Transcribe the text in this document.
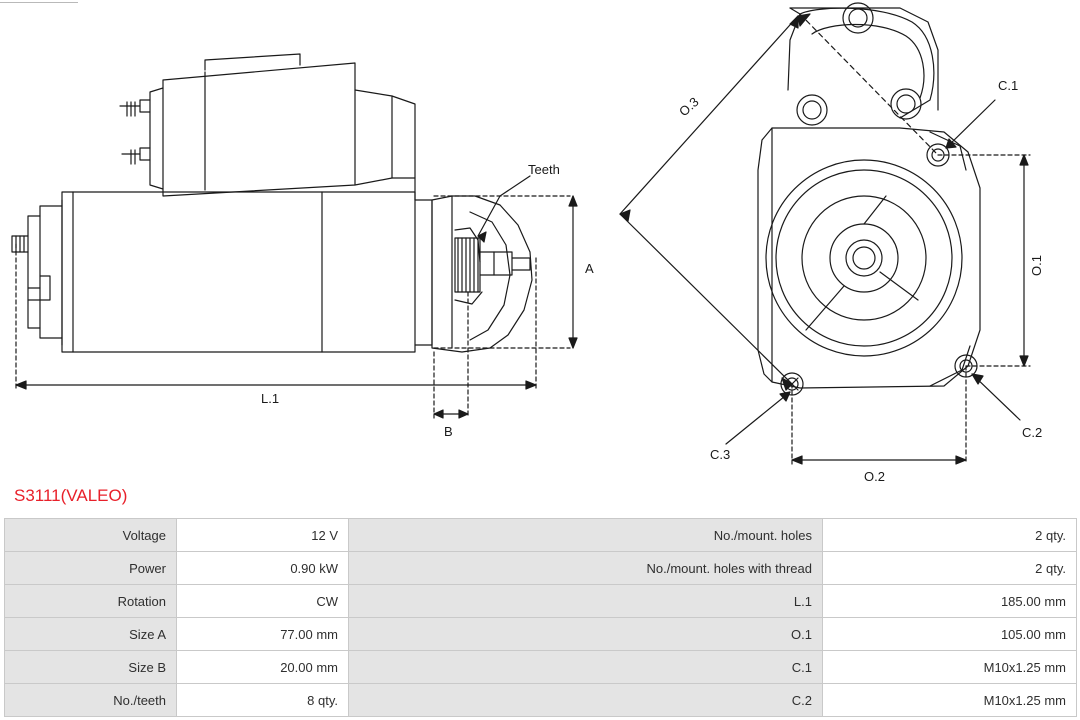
Teeth
A
B
L.1
O.1
O.2
O.3
C.1
C.2
C.3
S3111(VALEO)
Voltage	12 V	No./mount. holes	2 qty.
Power	0.90 kW	No./mount. holes with thread	2 qty.
Rotation	CW	L.1	185.00 mm
Size A	77.00 mm	O.1	105.00 mm
Size B	20.00 mm	C.1	M10x1.25 mm
No./teeth	8 qty.	C.2	M10x1.25 mm
